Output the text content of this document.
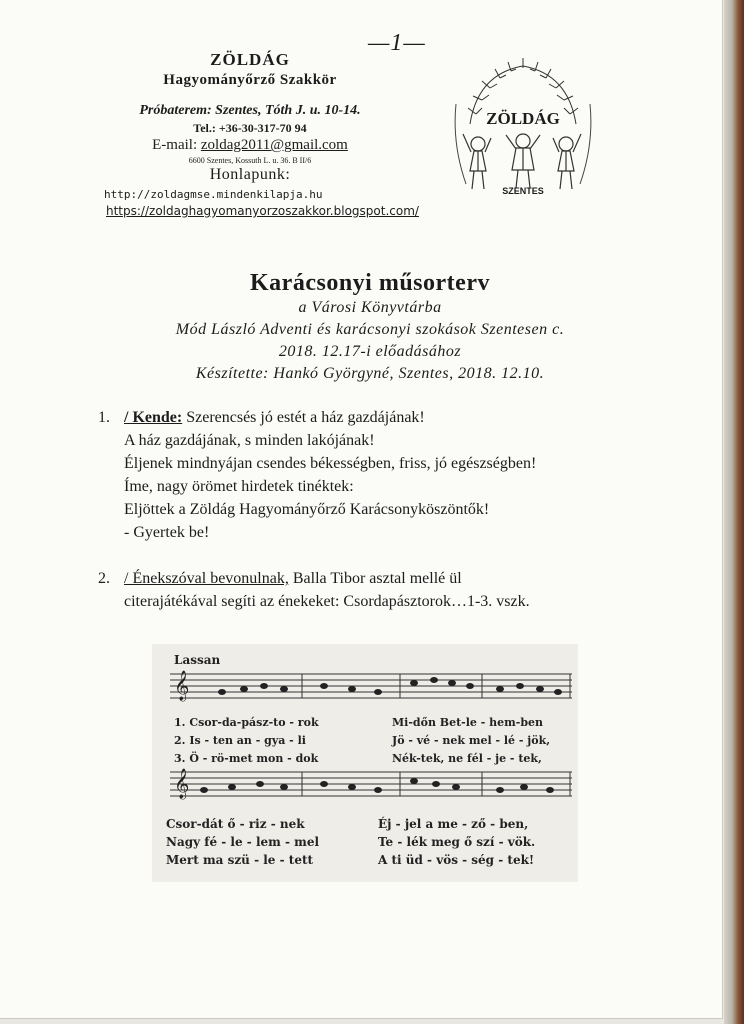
—1—
ZÖLDÁG
Hagyományőrző Szakkör
Próbaterem: Szentes, Tóth J. u. 10-14.
Tel.: +36-30-317-70 94
E-mail: zoldag2011@gmail.com
6600 Szentes, Kossuth L. u. 36. B II/6
Honlapunk:
http://zoldagmse.mindenkilapja.hu
https://zoldaghagyomanyorzoszakkor.blogspot.com/
ZÖLDÁG
SZENTES
Karácsonyi műsorterv
a Városi Könyvtárba
Mód László Adventi és karácsonyi szokások Szentesen c.
2018. 12.17-i előadásához
Készítette: Hankó Györgyné, Szentes, 2018. 12.10.
1. / Kende: Szerencsés jó estét a ház gazdájának!
A ház gazdájának, s minden lakójának!
Éljenek mindnyájan csendes békességben, friss, jó egészségben!
Íme, nagy örömet hirdetek tinéktek:
Eljöttek a Zöldág Hagyományőrző Karácsonyköszöntők!
- Gyertek be!
2. / Énekszóval bevonulnak, Balla Tibor asztal mellé ül
citerajátékával segíti az énekeket: Csordapásztorok…1-3. vszk.
Lassan
𝄞
1. Csor-da-pász-to - rok	Mi-dőn Bet-le - hem-ben
2. Is - ten an - gya - li	Jö - vé - nek mel - lé - jök,
3. Ö - rö-met mon - dok	Nék-tek, ne fél - je - tek,
𝄞
Csor-dát ő - riz - nek	Éj - jel a me - ző - ben,
Nagy fé - le - lem - mel	Te - lék meg ő szí - vök.
Mert ma szü - le - tett	A ti üd - vös - ség - tek!
